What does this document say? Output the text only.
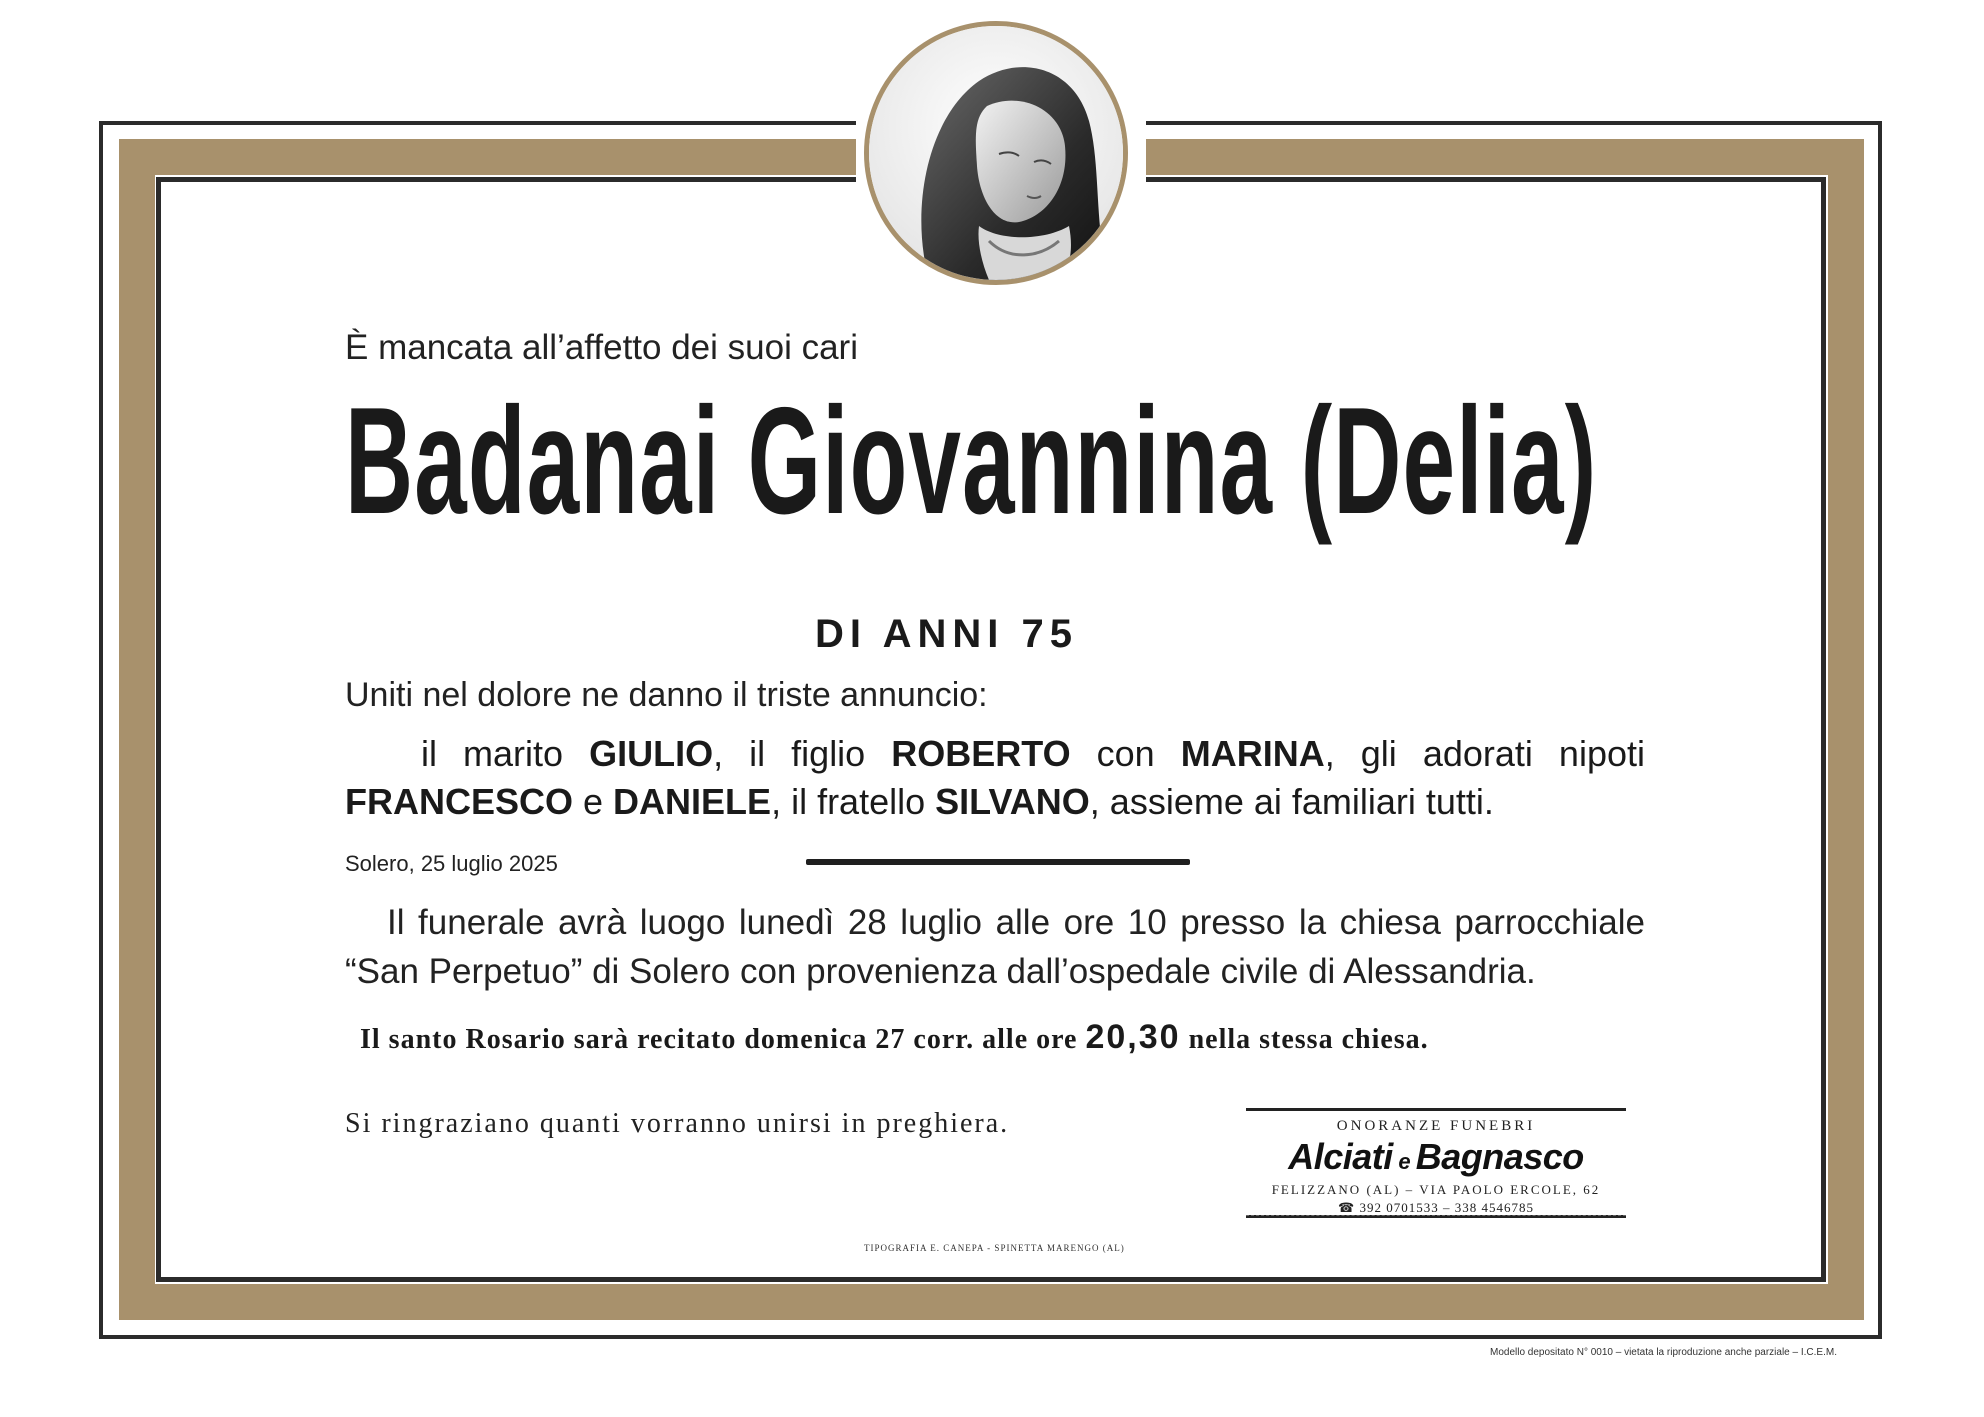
È mancata all’affetto dei suoi cari
Badanai Giovannina (Delia)
DI ANNI 75
Uniti nel dolore ne danno il triste annuncio:
il marito GIULIO, il figlio ROBERTO con MARINA, gli adorati nipoti
FRANCESCO e DANIELE, il fratello SILVANO, assieme ai familiari tutti.
Solero, 25 luglio 2025
Il funerale avrà luogo lunedì 28 luglio alle ore 10 presso la chiesa parrocchiale
“San Perpetuo” di Solero con provenienza dall’ospedale civile di Alessandria.
Il santo Rosario sarà recitato domenica 27 corr. alle ore 20,30 nella stessa chiesa.
Si ringraziano quanti vorranno unirsi in preghiera.	ONORANZE FUNEBRI
Alciati e Bagnasco
FELIZZANO (AL) – VIA PAOLO ERCOLE, 62
☎ 392 0701533 – 338 4546785
TIPOGRAFIA E. CANEPA - SPINETTA MARENGO (AL)
Modello depositato N° 0010 – vietata la riproduzione anche parziale – I.C.E.M.
